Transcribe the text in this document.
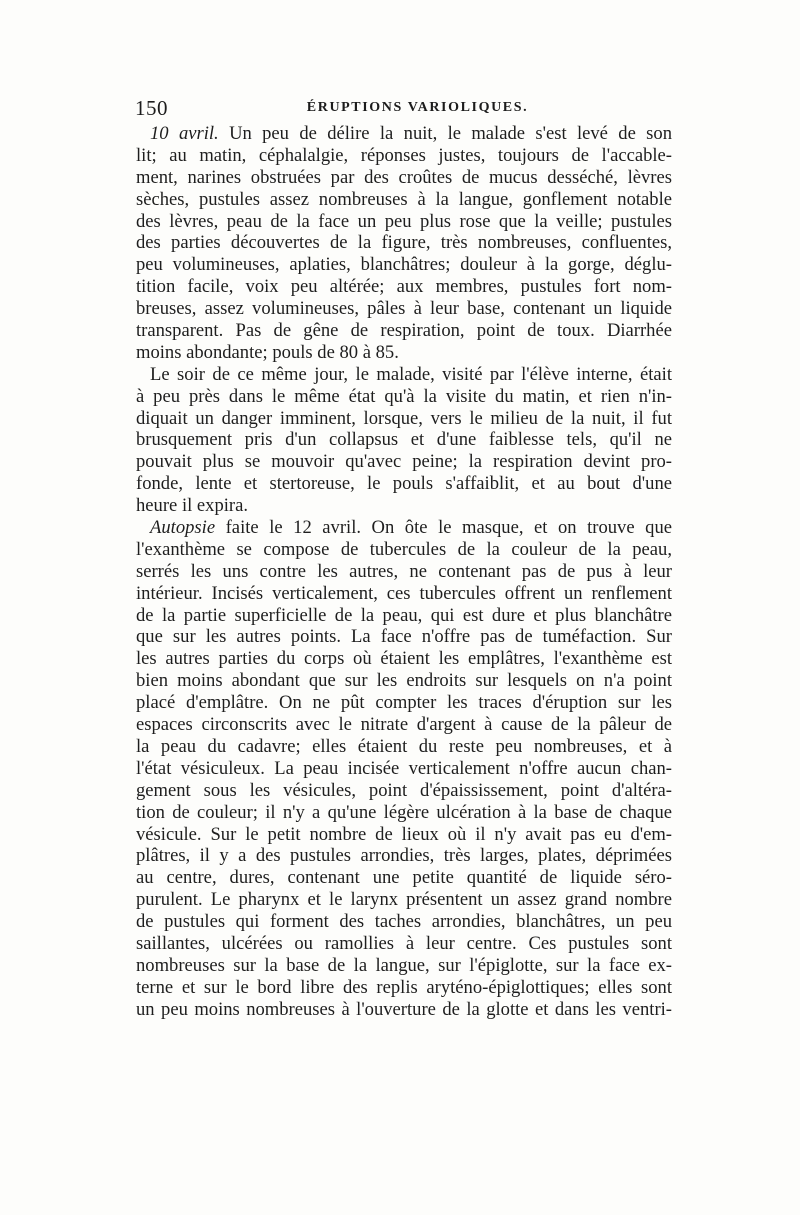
150	ÉRUPTIONS VARIOLIQUES.
10 avril. Un peu de délire la nuit, le malade s'est levé de son
lit; au matin, céphalalgie, réponses justes, toujours de l'accable-
ment, narines obstruées par des croûtes de mucus desséché, lèvres
sèches, pustules assez nombreuses à la langue, gonflement notable
des lèvres, peau de la face un peu plus rose que la veille; pustules
des parties découvertes de la figure, très nombreuses, confluentes,
peu volumineuses, aplaties, blanchâtres; douleur à la gorge, déglu-
tition facile, voix peu altérée; aux membres, pustules fort nom-
breuses, assez volumineuses, pâles à leur base, contenant un liquide
transparent. Pas de gêne de respiration, point de toux. Diarrhée
moins abondante; pouls de 80 à 85.
Le soir de ce même jour, le malade, visité par l'élève interne, était
à peu près dans le même état qu'à la visite du matin, et rien n'in-
diquait un danger imminent, lorsque, vers le milieu de la nuit, il fut
brusquement pris d'un collapsus et d'une faiblesse tels, qu'il ne
pouvait plus se mouvoir qu'avec peine; la respiration devint pro-
fonde, lente et stertoreuse, le pouls s'affaiblit, et au bout d'une
heure il expira.
Autopsie faite le 12 avril. On ôte le masque, et on trouve que
l'exanthème se compose de tubercules de la couleur de la peau,
serrés les uns contre les autres, ne contenant pas de pus à leur
intérieur. Incisés verticalement, ces tubercules offrent un renflement
de la partie superficielle de la peau, qui est dure et plus blanchâtre
que sur les autres points. La face n'offre pas de tuméfaction. Sur
les autres parties du corps où étaient les emplâtres, l'exanthème est
bien moins abondant que sur les endroits sur lesquels on n'a point
placé d'emplâtre. On ne pût compter les traces d'éruption sur les
espaces circonscrits avec le nitrate d'argent à cause de la pâleur de
la peau du cadavre; elles étaient du reste peu nombreuses, et à
l'état vésiculeux. La peau incisée verticalement n'offre aucun chan-
gement sous les vésicules, point d'épaississement, point d'altéra-
tion de couleur; il n'y a qu'une légère ulcération à la base de chaque
vésicule. Sur le petit nombre de lieux où il n'y avait pas eu d'em-
plâtres, il y a des pustules arrondies, très larges, plates, déprimées
au centre, dures, contenant une petite quantité de liquide séro-
purulent. Le pharynx et le larynx présentent un assez grand nombre
de pustules qui forment des taches arrondies, blanchâtres, un peu
saillantes, ulcérées ou ramollies à leur centre. Ces pustules sont
nombreuses sur la base de la langue, sur l'épiglotte, sur la face ex-
terne et sur le bord libre des replis aryténo-épiglottiques; elles sont
un peu moins nombreuses à l'ouverture de la glotte et dans les ventri-
